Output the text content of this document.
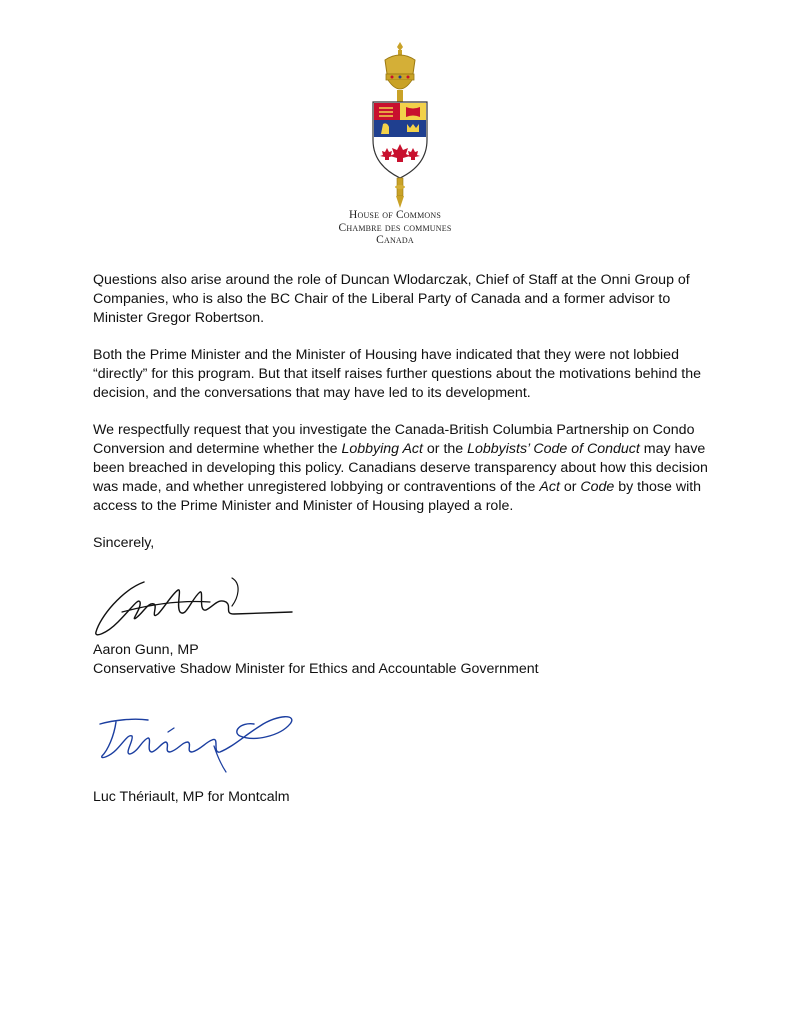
House of Commons
Chambre des communes
Canada

Questions also arise around the role of Duncan Wlodarczak, Chief of Staff at the Onni Group of Companies, who is also the BC Chair of the Liberal Party of Canada and a former advisor to Minister Gregor Robertson.

Both the Prime Minister and the Minister of Housing have indicated that they were not lobbied “directly” for this program. But that itself raises further questions about the motivations behind the decision, and the conversations that may have led to its development.

We respectfully request that you investigate the Canada-British Columbia Partnership on Condo Conversion and determine whether the Lobbying Act or the Lobbyists’ Code of Conduct may have been breached in developing this policy. Canadians deserve transparency about how this decision was made, and whether unregistered lobbying or contraventions of the Act or Code by those with access to the Prime Minister and Minister of Housing played a role.

Sincerely,

Aaron Gunn, MP
Conservative Shadow Minister for Ethics and Accountable Government
Luc Thériault, MP for Montcalm
